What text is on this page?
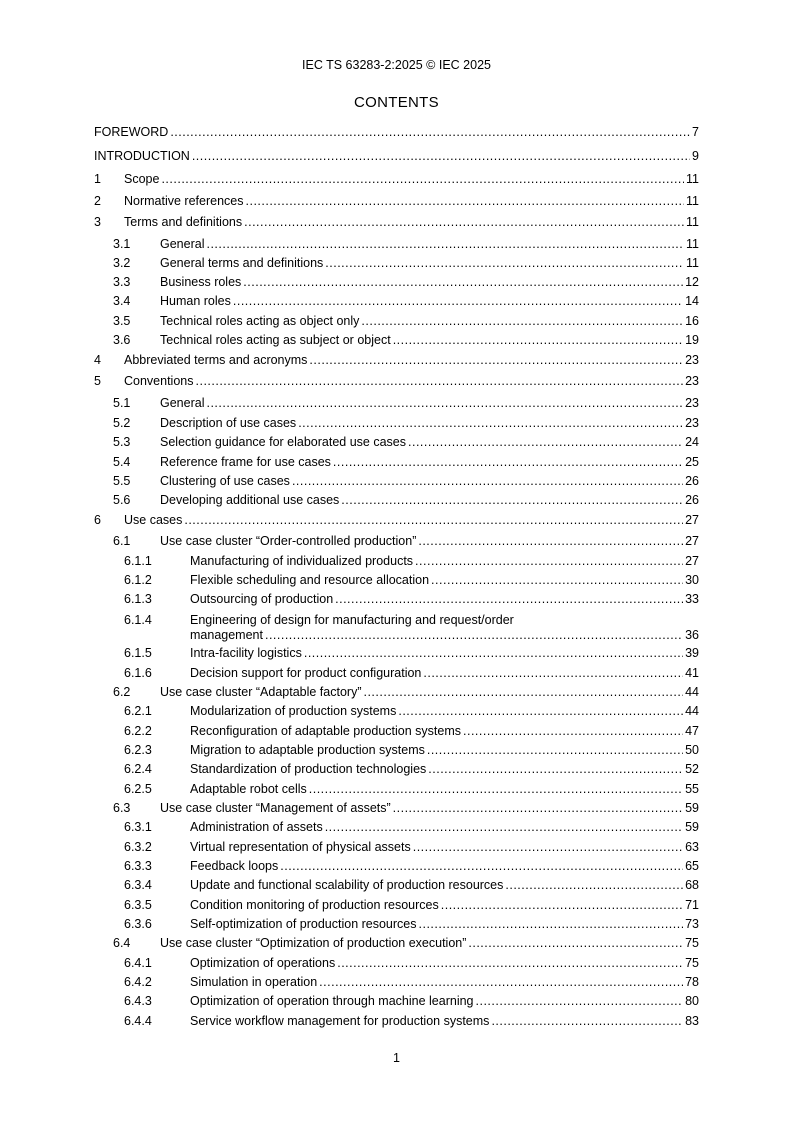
IEC TS 63283-2:2025 © IEC 2025
CONTENTS
FOREWORD .....	7
INTRODUCTION .....	9
1 Scope .....	11
2 Normative references .....	11
3 Terms and definitions .....	11
3.1 General .....	11
3.2 General terms and definitions .....	11
3.3 Business roles .....	12
3.4 Human roles .....	14
3.5 Technical roles acting as object only .....	16
3.6 Technical roles acting as subject or object .....	19
4 Abbreviated terms and acronyms .....	23
5 Conventions .....	23
5.1 General .....	23
5.2 Description of use cases .....	23
5.3 Selection guidance for elaborated use cases .....	24
5.4 Reference frame for use cases .....	25
5.5 Clustering of use cases .....	26
5.6 Developing additional use cases .....	26
6 Use cases .....	27
6.1 Use case cluster “Order-controlled production” .....	27
6.1.1	Manufacturing of individualized products .....	27
6.1.2	Flexible scheduling and resource allocation .....	30
6.1.3	Outsourcing of production .....	33
6.1.4	Engineering of design for manufacturing and request/order
management .....	36
6.1.5	Intra-facility logistics .....	39
6.1.6	Decision support for product configuration .....	41
6.2 Use case cluster “Adaptable factory” .....	44
6.2.1	Modularization of production systems .....	44
6.2.2	Reconfiguration of adaptable production systems .....	47
6.2.3	Migration to adaptable production systems .....	50
6.2.4	Standardization of production technologies .....	52
6.2.5	Adaptable robot cells .....	55
6.3 Use case cluster “Management of assets” .....	59
6.3.1	Administration of assets .....	59
6.3.2	Virtual representation of physical assets .....	63
6.3.3	Feedback loops .....	65
6.3.4	Update and functional scalability of production resources .....	68
6.3.5	Condition monitoring of production resources .....	71
6.3.6	Self-optimization of production resources .....	73
6.4 Use case cluster “Optimization of production execution” .....	75
6.4.1	Optimization of operations .....	75
6.4.2	Simulation in operation .....	78
6.4.3	Optimization of operation through machine learning .....	80
6.4.4	Service workflow management for production systems .....	83
1
